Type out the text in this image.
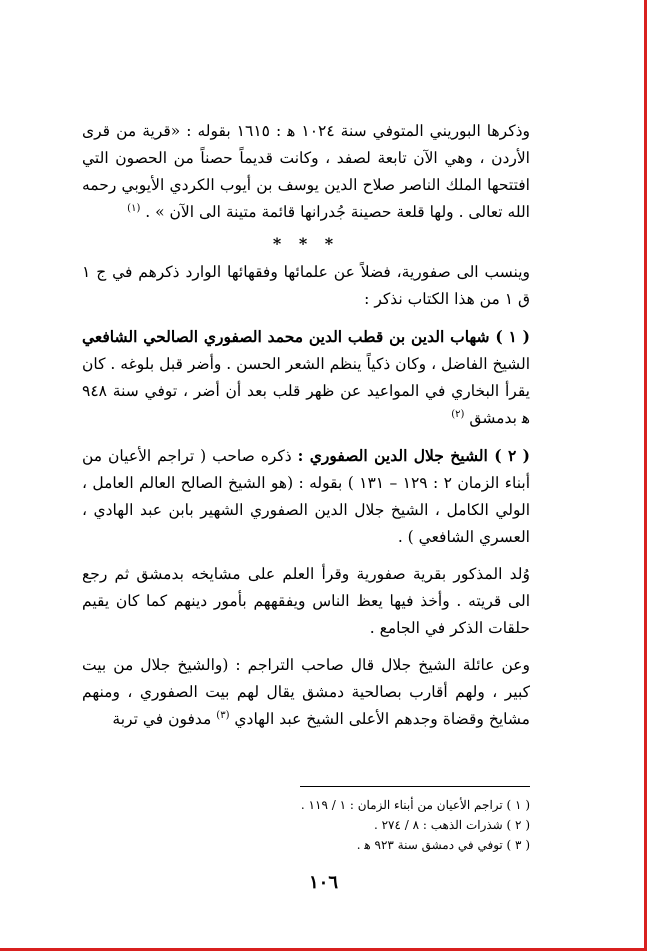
وذكرها البوريني المتوفي سنة ١٠٢٤ ﻫ : ١٦١٥ بقوله : «قرية من قرى الأردن ، وهي الآن تابعة لصفد ، وكانت قديماً حصناً من الحصون التي افتتحها الملك الناصر صلاح الدين يوسف بن أيوب الكردي الأيوبي رحمه الله تعالى . ولها قلعة حصينة جُدرانها قائمة متينة الى الآن » . $^{(١)}$

* * *

وينسب الى صفورية، فضلاً عن علمائها وفقهائها الوارد ذكرهم في ج ١ ق ١ من هذا الكتاب نذكر :

( ١ ) شهاب الدين بن قطب الدين محمد الصفوري الصالحي الشافعي الشيخ الفاضل ، وكان ذكياً ينظم الشعر الحسن . وأضر قبل بلوغه . كان يقرأ البخاري في المواعيد عن ظهر قلب بعد أن أضر ، توفي سنة ٩٤٨ ﻫ بدمشق $^{(٢)}$

( ٢ ) الشيخ جلال الدين الصفوري : ذكره صاحب ( تراجم الأعيان من أبناء الزمان ٢ : ١٢٩ – ١٣١ ) بقوله : (هو الشيخ الصالح العالم العامل ، الولي الكامل ، الشيخ جلال الدين الصفوري الشهير بابن عبد الهادي ، العسري الشافعي ) .

وُلد المذكور بقرية صفورية وقرأ العلم على مشايخه بدمشق ثم رجع الى قريته . وأخذ فيها يعظ الناس ويفقههم بأمور دينهم كما كان يقيم حلقات الذكر في الجامع .

وعن عائلة الشيخ جلال قال صاحب التراجم : (والشيخ جلال من بيت كبير ، ولهم أقارب بصالحية دمشق يقال لهم بيت الصفوري ، ومنهم مشايخ وقضاة وجدهم الأعلى الشيخ عبد الهادي $^{(٣)}$ مدفون في تربة

( ١ ) تراجم الأعيان من أبناء الزمان : ١ / ١١٩ .

( ٢ ) شذرات الذهب : ٨ / ٢٧٤ .

( ٣ ) توفي في دمشق سنة ٩٢٣ ﻫ .

١٠٦
